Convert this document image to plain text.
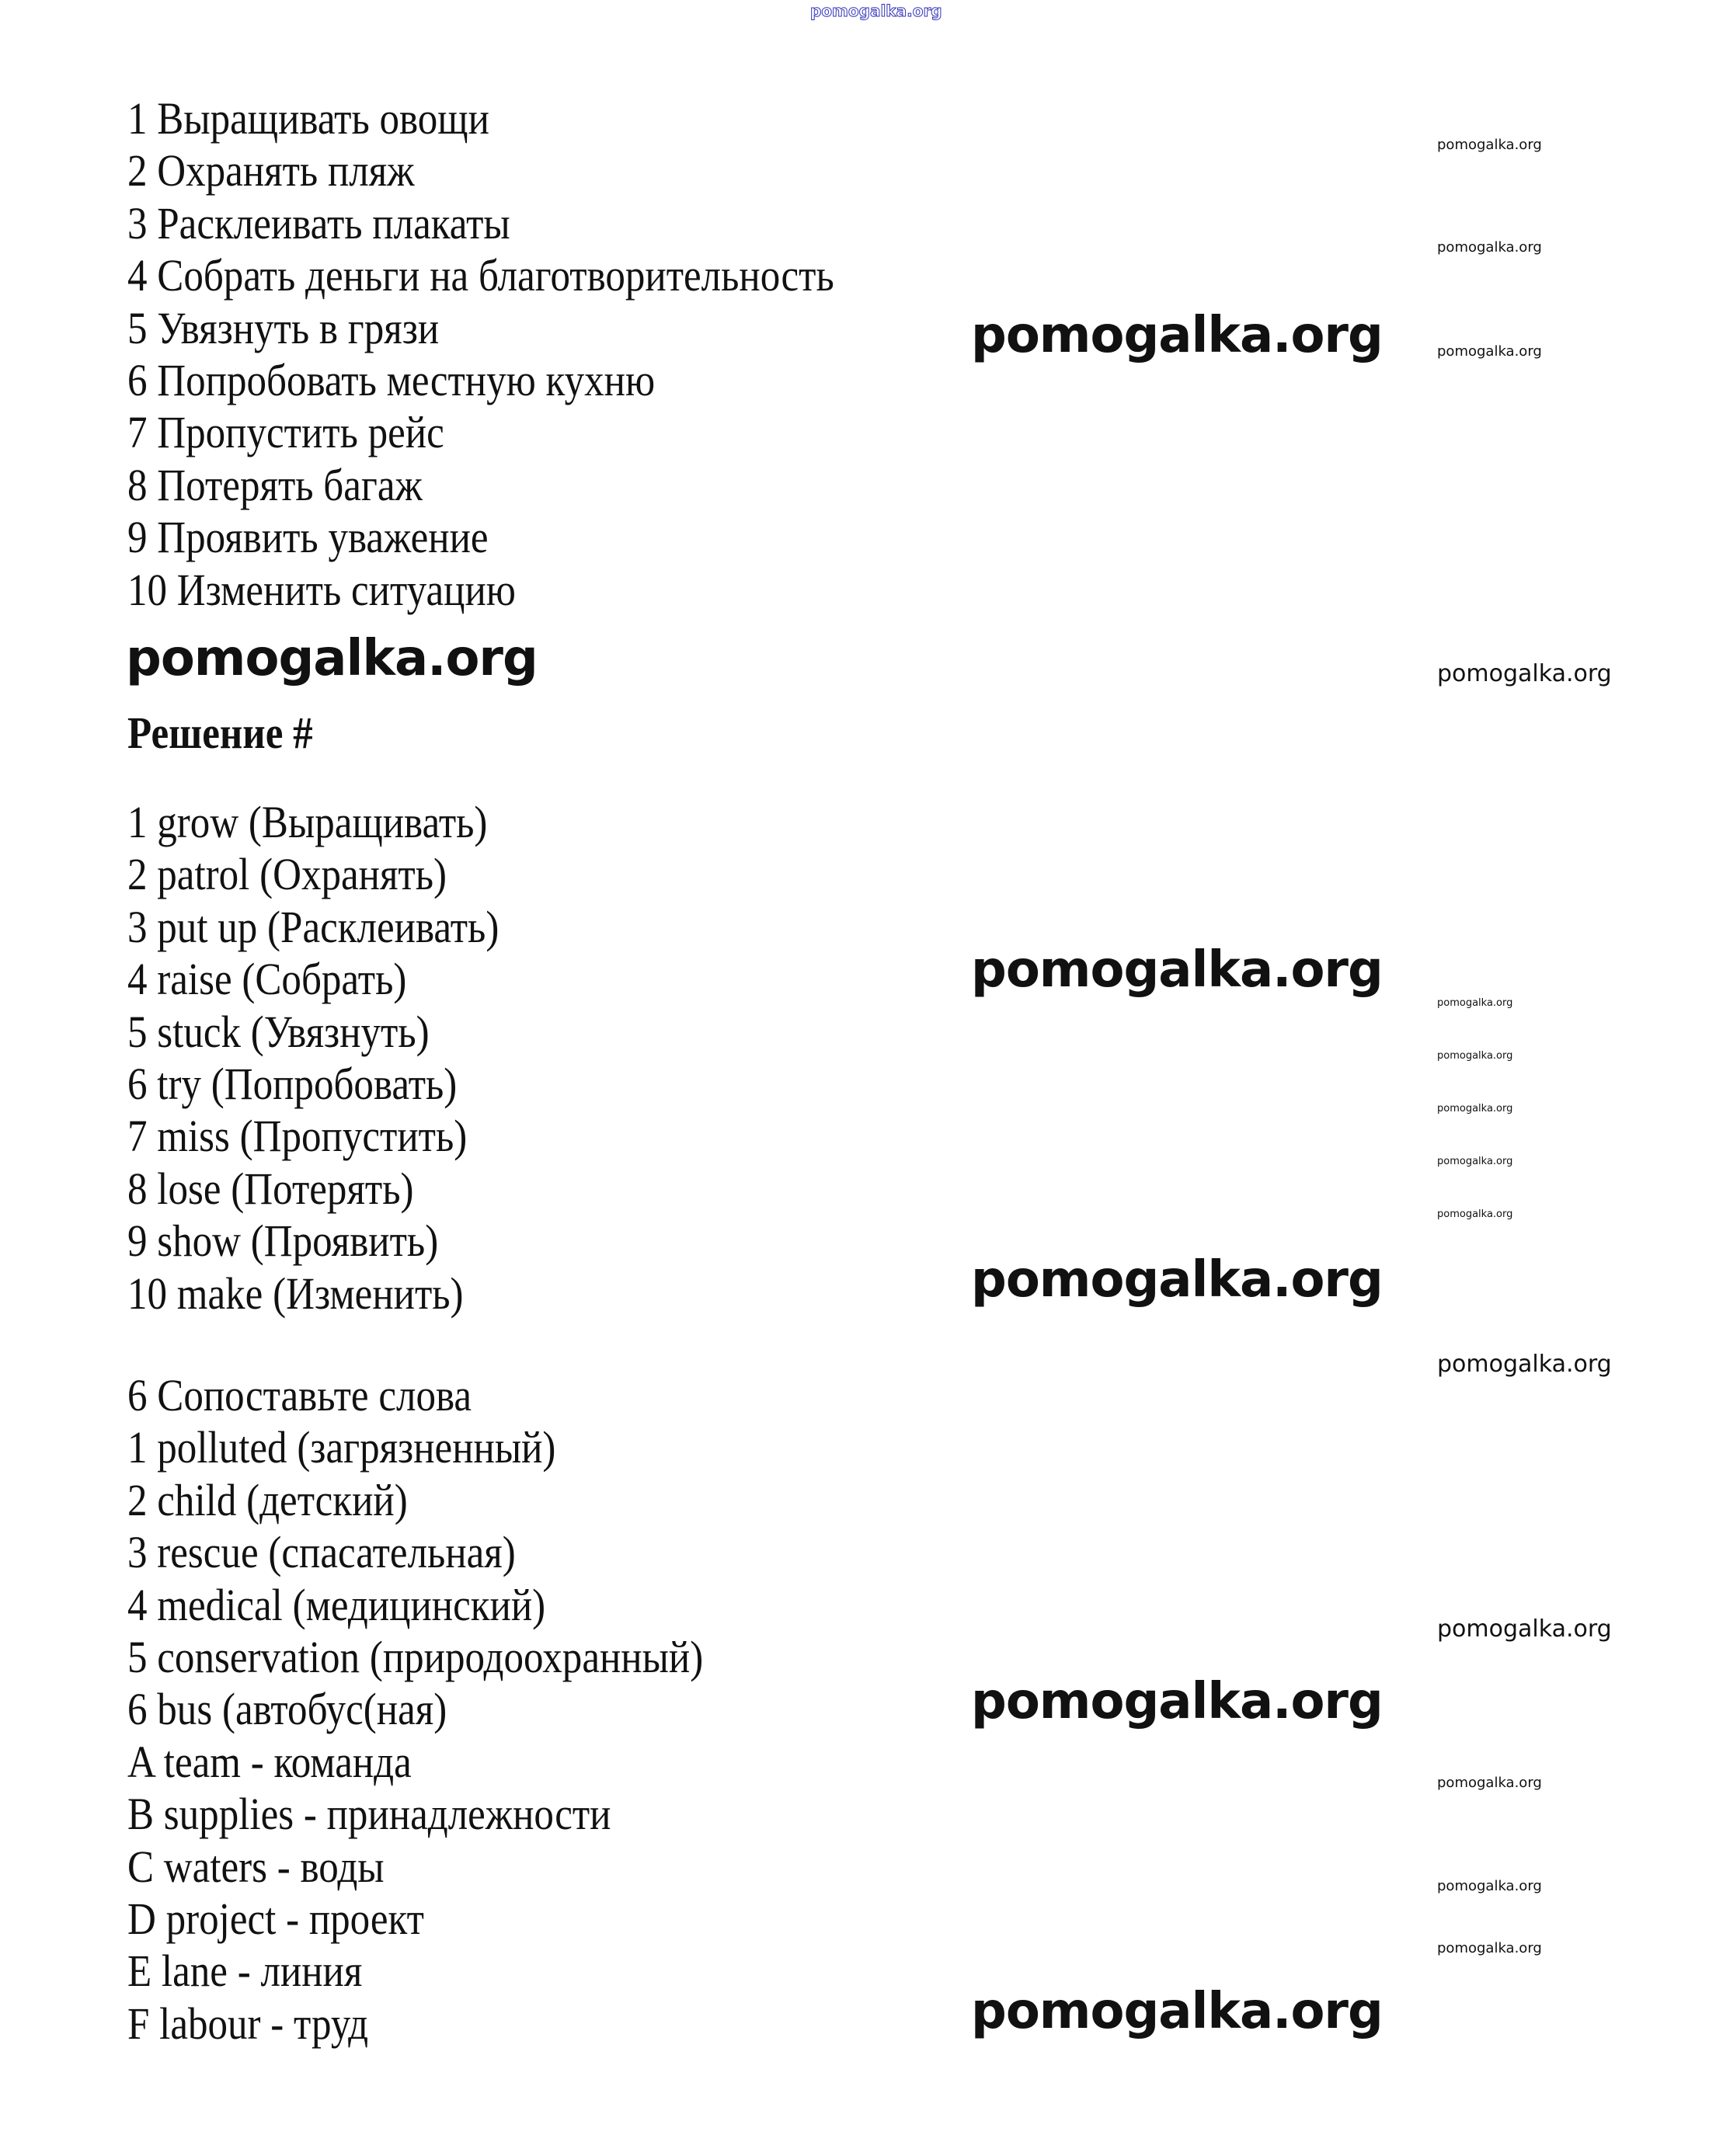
Решение #
1 Выращивать овощи
2 Охранять пляж
3 Расклеивать плакаты
4 Собрать деньги на благотворительность
5 Увязнуть в грязи
6 Попробовать местную кухню
7 Пропустить рейс
8 Потерять багаж
9 Проявить уважение
10 Изменить ситуацию
1 grow (Выращивать)
2 patrol (Охранять)
3 put up (Расклеивать)
4 raise (Собрать)
5 stuck (Увязнуть)
6 try (Попробовать)
7 miss (Пропустить)
8 lose (Потерять)
9 show (Проявить)
10 make (Изменить)
6 Сопоставьте слова
1 polluted (загрязненный)
2 child (детский)
3 rescue (спасательная)
4 medical (медицинский)
5 conservation (природоохранный)
6 bus (автобус(ная)
A team - команда
B supplies - принадлежности
C waters - воды
D project - проект
E lane - линия
F labour - труд
pomogalka.org
pomogalka.org
pomogalka.org
pomogalka.org
pomogalka.org
pomogalka.org	pomogalka.org
pomogalka.org
pomogalka.org
pomogalka.org
pomogalka.org
pomogalka.org
pomogalka.org
pomogalka.org
pomogalka.org
pomogalka.org
pomogalka.org
pomogalka.org
pomogalka.org
pomogalka.org
pomogalka.org
